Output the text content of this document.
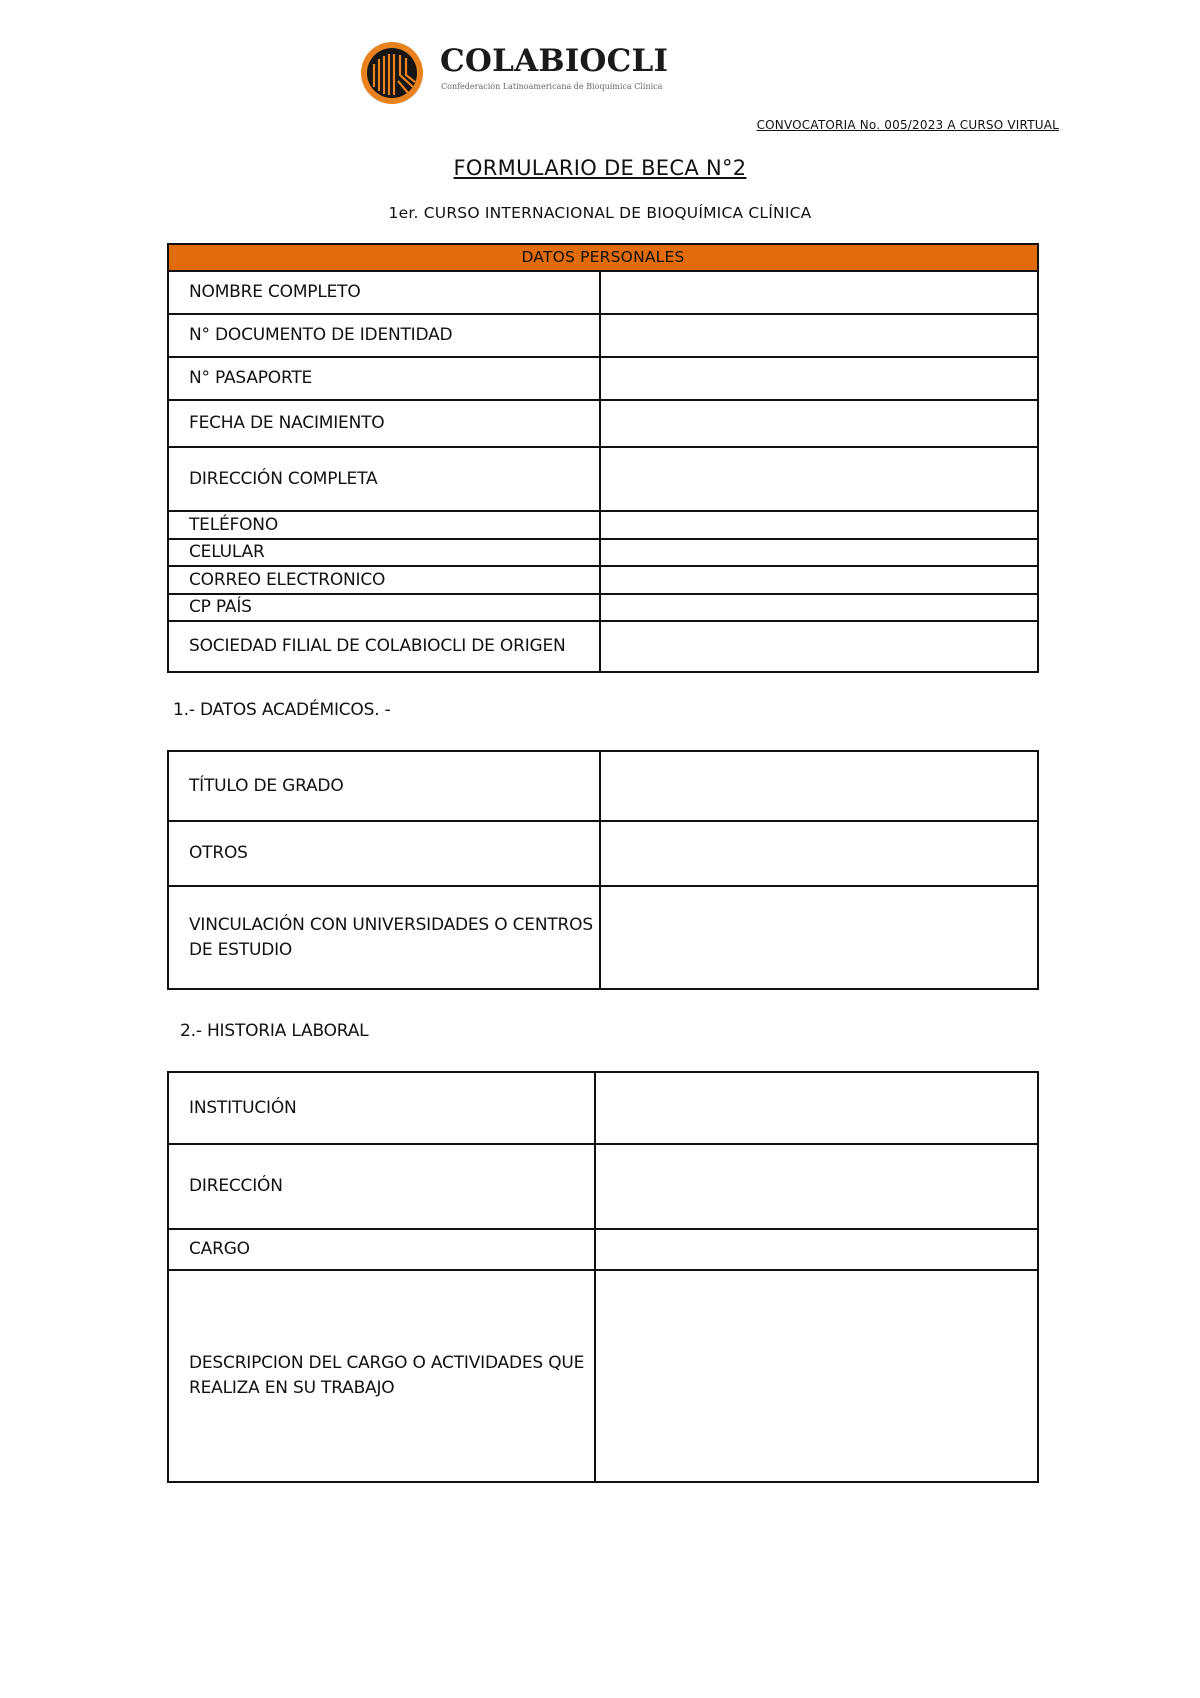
COLABIOCLI
Confederación Latinoamericana de Bioquímica Clínica
CONVOCATORIA No. 005/2023 A CURSO VIRTUAL
FORMULARIO DE BECA N°2
1er. CURSO INTERNACIONAL DE BIOQUÍMICA CLÍNICA
DATOS PERSONALES	
NOMBRE COMPLETO	
N° DOCUMENTO DE IDENTIDAD	
N° PASAPORTE	
FECHA DE NACIMIENTO	
DIRECCIÓN COMPLETA	
TELÉFONO	
CELULAR	
CORREO ELECTRONICO	
CP PAÍS	
SOCIEDAD FILIAL DE COLABIOCLI DE ORIGEN	
1.- DATOS ACADÉMICOS. -
TÍTULO DE GRADO	
OTROS	
VINCULACIÓN CON UNIVERSIDADES O CENTROS DE ESTUDIO	
2.- HISTORIA LABORAL
INSTITUCIÓN	
DIRECCIÓN	
CARGO	
DESCRIPCION DEL CARGO O ACTIVIDADES QUE REALIZA EN SU TRABAJO	
